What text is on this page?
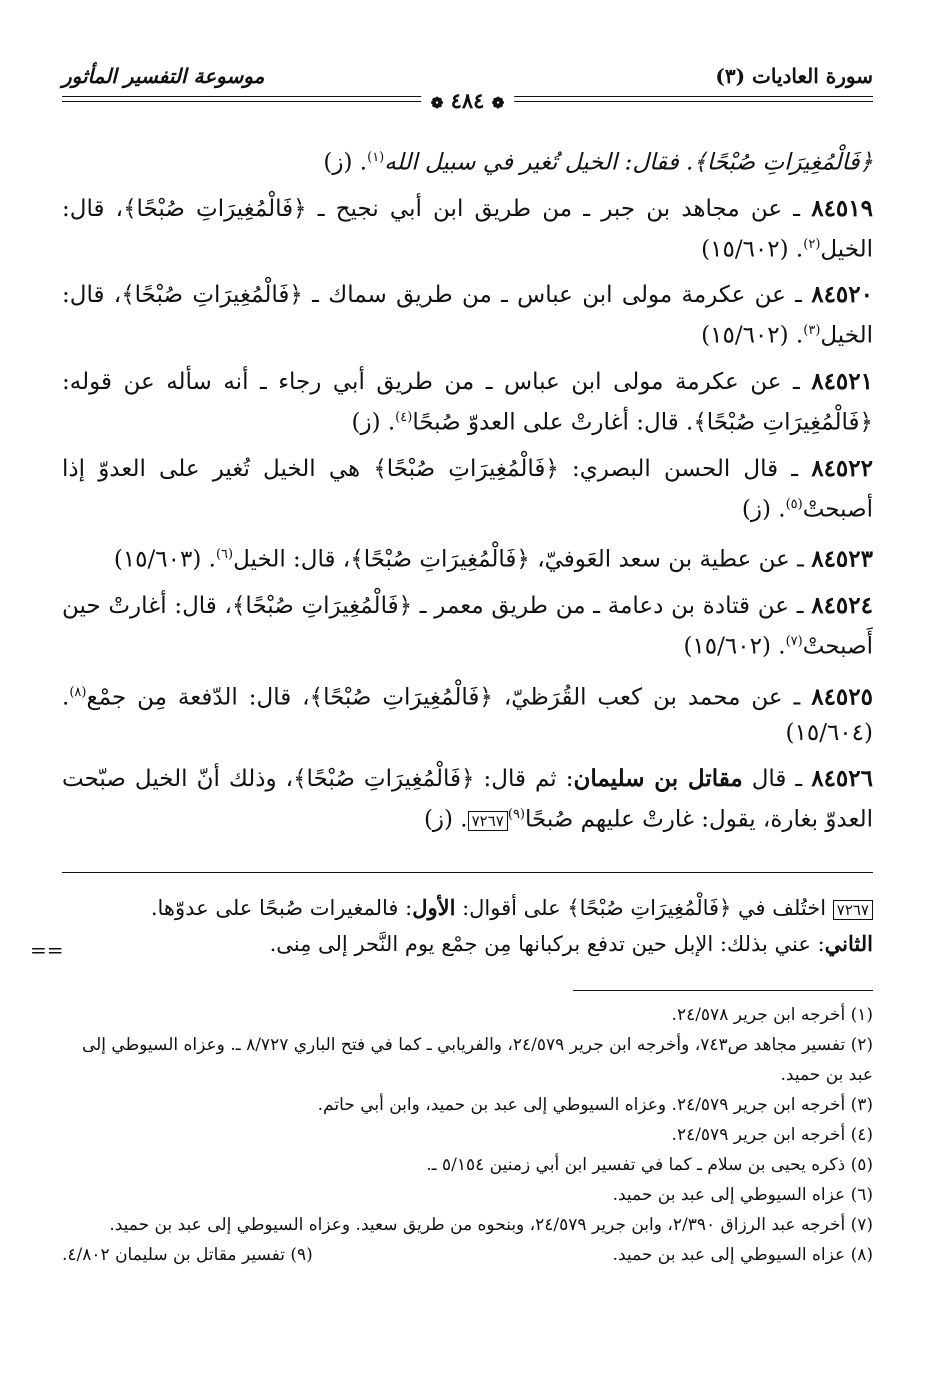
سورة العاديات (٣)
موسوعة التفسير المأثور
❁ ٤٨٤ ❁

﴿فَالْمُغِيرَاتِ صُبْحًا﴾. فقال: الخيل تُغير في سبيل الله$^{(١)}$. (ز)

٨٤٥١٩ ـ عن مجاهد بن جبر ـ من طريق ابن أبي نجيح ـ ﴿فَالْمُغِيرَاتِ صُبْحًا﴾، قال: الخيل$^{(٢)}$. (١٥/٦٠٢)

٨٤٥٢٠ ـ عن عكرمة مولى ابن عباس ـ من طريق سماك ـ ﴿فَالْمُغِيرَاتِ صُبْحًا﴾، قال: الخيل$^{(٣)}$. (١٥/٦٠٢)

٨٤٥٢١ ـ عن عكرمة مولى ابن عباس ـ من طريق أبي رجاء ـ أنه سأله عن قوله: ﴿فَالْمُغِيرَاتِ صُبْحًا﴾. قال: أغارتْ على العدوّ صُبحًا$^{(٤)}$. (ز)

٨٤٥٢٢ ـ قال الحسن البصري: ﴿فَالْمُغِيرَاتِ صُبْحًا﴾ هي الخيل تُغير على العدوّ إذا أصبحتْ$^{(٥)}$. (ز)

٨٤٥٢٣ ـ عن عطية بن سعد العَوفيّ، ﴿فَالْمُغِيرَاتِ صُبْحًا﴾، قال: الخيل$^{(٦)}$. (١٥/٦٠٣)

٨٤٥٢٤ ـ عن قتادة بن دعامة ـ من طريق معمر ـ ﴿فَالْمُغِيرَاتِ صُبْحًا﴾، قال: أغارتْ حين أَصبحتْ$^{(٧)}$. (١٥/٦٠٢)

٨٤٥٢٥ ـ عن محمد بن كعب القُرَظيّ، ﴿فَالْمُغِيرَاتِ صُبْحًا﴾، قال: الدّفعة مِن جمْع$^{(٨)}$. (١٥/٦٠٤)

٨٤٥٢٦ ـ قال مقاتل بن سليمان: ثم قال: ﴿فَالْمُغِيرَاتِ صُبْحًا﴾، وذلك أنّ الخيل صبّحت العدوّ بغارة، يقول: غارتْ عليهم صُبحًا$^{(٩)}$٧٢٦٧. (ز)

٧٢٦٧ اختُلف في ﴿فَالْمُغِيرَاتِ صُبْحًا﴾ على أقوال: الأول: فالمغيرات صُبحًا على عدوّها.
الثاني: عني بذلك: الإبل حين تدفع بركبانها مِن جمْع يوم النَّحر إلى مِنى.

==

(١) أخرجه ابن جرير ٢٤/٥٧٨.

(٢) تفسير مجاهد ص٧٤٣، وأخرجه ابن جرير ٢٤/٥٧٩، والفريابي ـ كما في فتح الباري ٨/٧٢٧ ـ. وعزاه السيوطي إلى عبد بن حميد.

(٣) أخرجه ابن جرير ٢٤/٥٧٩. وعزاه السيوطي إلى عبد بن حميد، وابن أبي حاتم.

(٤) أخرجه ابن جرير ٢٤/٥٧٩.

(٥) ذكره يحيى بن سلام ـ كما في تفسير ابن أبي زمنين ٥/١٥٤ ـ.

(٦) عزاه السيوطي إلى عبد بن حميد.

(٧) أخرجه عبد الرزاق ٢/٣٩٠، وابن جرير ٢٤/٥٧٩، وبنحوه من طريق سعيد. وعزاه السيوطي إلى عبد بن حميد.

(٨) عزاه السيوطي إلى عبد بن حميد.
(٩) تفسير مقاتل بن سليمان ٤/٨٠٢.
